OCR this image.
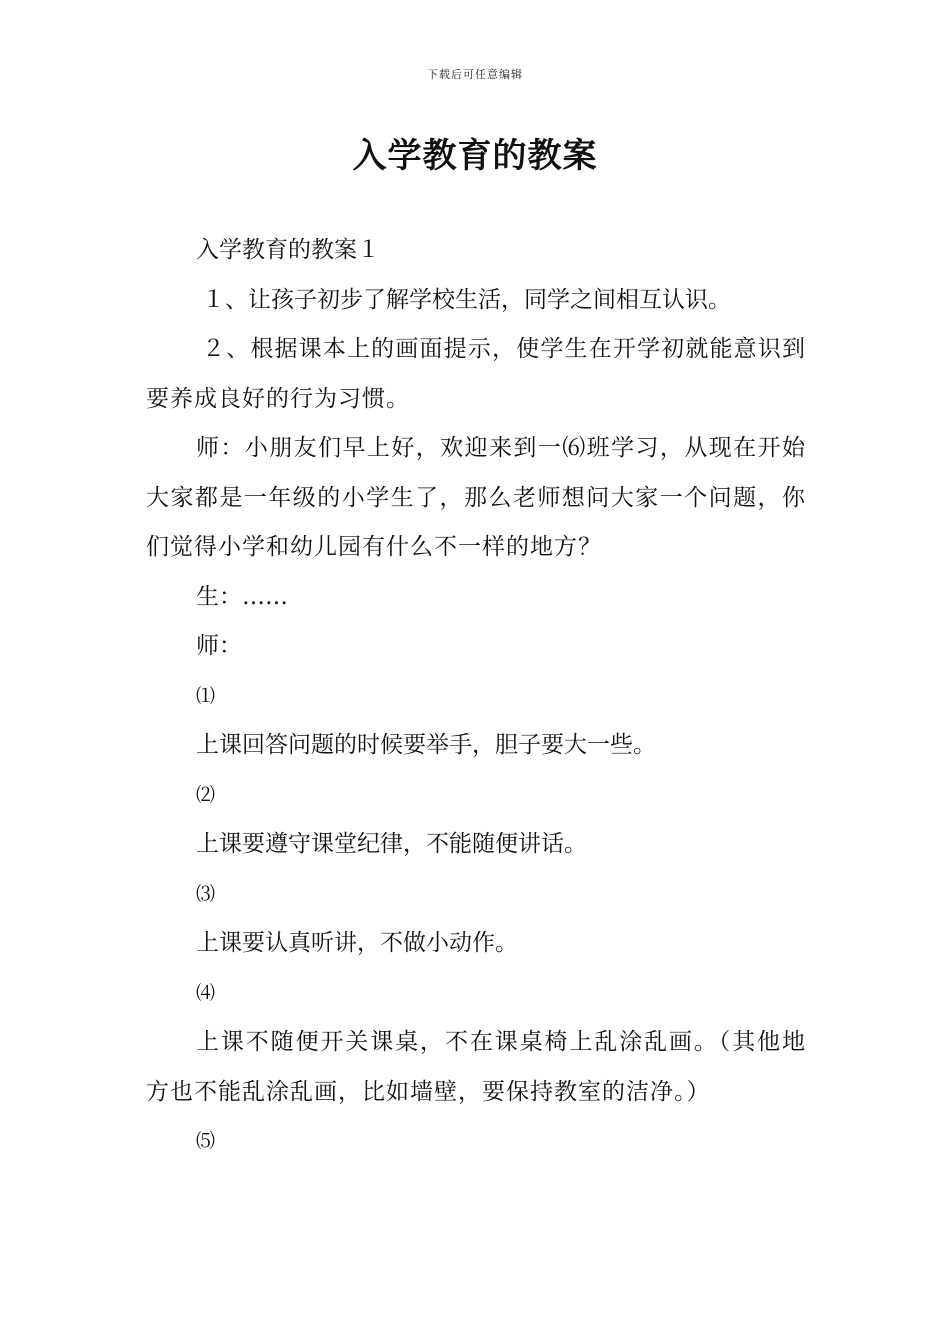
下载后可任意编辑
入学教育的教案

入学教育的教案１

１、让孩子初步了解学校生活，同学之间相互认识。

２、根据课本上的画面提示，使学生在开学初就能意识到要养成良好的行为习惯。

师：小朋友们早上好，欢迎来到一⑹班学习，从现在开始大家都是一年级的小学生了，那么老师想问大家一个问题，你们觉得小学和幼儿园有什么不一样的地方？

生：……

师：

⑴

上课回答问题的时候要举手，胆子要大一些。

⑵

上课要遵守课堂纪律，不能随便讲话。

⑶

上课要认真听讲，不做小动作。

⑷

上课不随便开关课桌，不在课桌椅上乱涂乱画。（其他地方也不能乱涂乱画，比如墙壁，要保持教室的洁净。）

⑸
